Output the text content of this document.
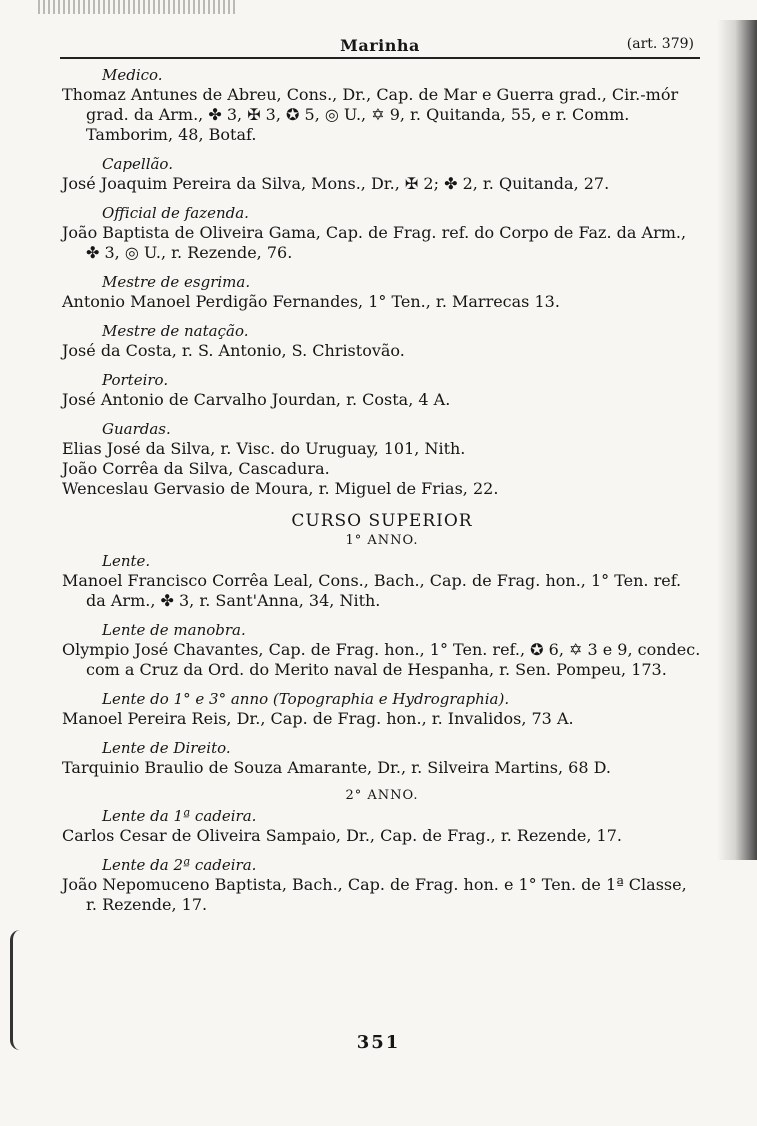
Marinha	(art. 379)
Medico.
Thomaz Antunes de Abreu, Cons., Dr., Cap. de Mar e Guerra grad., Cir.-mór grad. da Arm., ✤ 3, ✠ 3, ✪ 5, ◎ U., ✡ 9, r. Quitanda, 55, e r. Comm. Tamborim, 48, Botaf.
Capellão.
José Joaquim Pereira da Silva, Mons., Dr., ✠ 2; ✤ 2, r. Quitanda, 27.
Official de fazenda.
João Baptista de Oliveira Gama, Cap. de Frag. ref. do Corpo de Faz. da Arm., ✤ 3, ◎ U., r. Rezende, 76.
Mestre de esgrima.
Antonio Manoel Perdigão Fernandes, 1° Ten., r. Marrecas 13.
Mestre de natação.
José da Costa, r. S. Antonio, S. Christovão.
Porteiro.
José Antonio de Carvalho Jourdan, r. Costa, 4 A.
Guardas.
Elias José da Silva, r. Visc. do Uruguay, 101, Nith.
João Corrêa da Silva, Cascadura.
Wenceslau Gervasio de Moura, r. Miguel de Frias, 22.
CURSO SUPERIOR
1° ANNO.
Lente.
Manoel Francisco Corrêa Leal, Cons., Bach., Cap. de Frag. hon., 1° Ten. ref. da Arm., ✤ 3, r. Sant'Anna, 34, Nith.
Lente de manobra.
Olympio José Chavantes, Cap. de Frag. hon., 1° Ten. ref., ✪ 6, ✡ 3 e 9, condec. com a Cruz da Ord. do Merito naval de Hespanha, r. Sen. Pompeu, 173.
Lente do 1° e 3° anno (Topographia e Hydrographia).
Manoel Pereira Reis, Dr., Cap. de Frag. hon., r. Invalidos, 73 A.
Lente de Direito.
Tarquinio Braulio de Souza Amarante, Dr., r. Silveira Martins, 68 D.
2° ANNO.
Lente da 1ª cadeira.
Carlos Cesar de Oliveira Sampaio, Dr., Cap. de Frag., r. Rezende, 17.
Lente da 2ª cadeira.
João Nepomuceno Baptista, Bach., Cap. de Frag. hon. e 1° Ten. de 1ª Classe, r. Rezende, 17.
351
